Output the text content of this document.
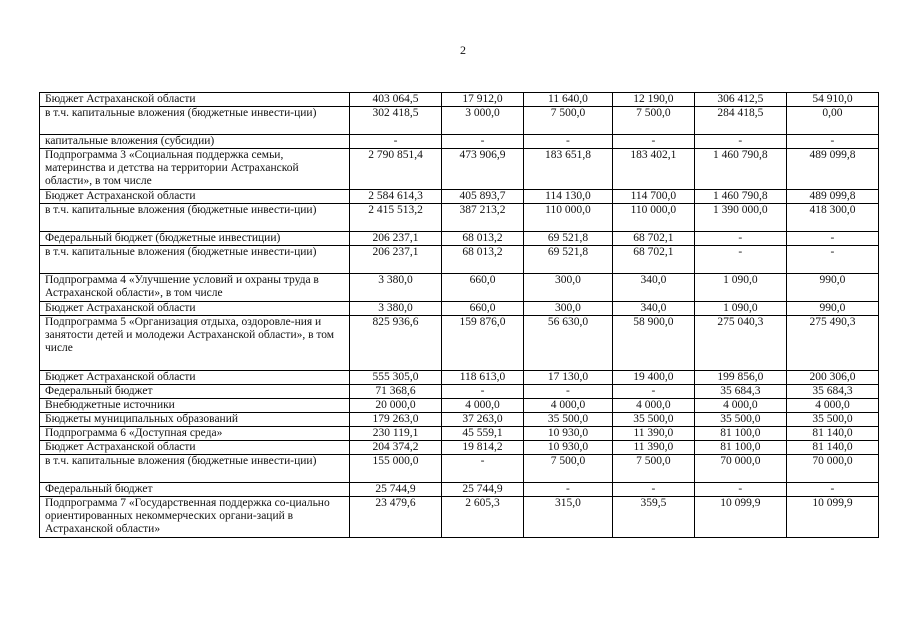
2
Бюджет Астраханской области	403 064,5	17 912,0	11 640,0	12 190,0	306 412,5	54 910,0
в т.ч. капитальные вложения (бюджетные инвести-ции)	302 418,5	3 000,0	7 500,0	7 500,0	284 418,5	0,00
капитальные вложения (субсидии)	-	-	-	-	-	-
Подпрограмма 3 «Социальная поддержка семьи, материнства и детства на территории Астраханской области», в том числе	2 790 851,4	473 906,9	183 651,8	183 402,1	1 460 790,8	489 099,8
Бюджет Астраханской области	2 584 614,3	405 893,7	114 130,0	114 700,0	1 460 790,8	489 099,8
в т.ч. капитальные вложения (бюджетные инвести-ции)	2 415 513,2	387 213,2	110 000,0	110 000,0	1 390 000,0	418 300,0
Федеральный бюджет (бюджетные инвестиции)	206 237,1	68 013,2	69 521,8	68 702,1	-	-
в т.ч. капитальные вложения (бюджетные инвести-ции)	206 237,1	68 013,2	69 521,8	68 702,1	-	-
Подпрограмма 4 «Улучшение условий и охраны труда в Астраханской области», в том числе	3 380,0	660,0	300,0	340,0	1 090,0	990,0
Бюджет Астраханской области	3 380,0	660,0	300,0	340,0	1 090,0	990,0
Подпрограмма 5 «Организация отдыха, оздоровле-ния и занятости детей и молодежи Астраханской области», в том числе	825 936,6	159 876,0	56 630,0	58 900,0	275 040,3	275 490,3
Бюджет Астраханской области	555 305,0	118 613,0	17 130,0	19 400,0	199 856,0	200 306,0
Федеральный бюджет	71 368,6	-	-	-	35 684,3	35 684,3
Внебюджетные источники	20 000,0	4 000,0	4 000,0	4 000,0	4 000,0	4 000,0
Бюджеты муниципальных образований	179 263,0	37 263,0	35 500,0	35 500,0	35 500,0	35 500,0
Подпрограмма 6 «Доступная среда»	230 119,1	45 559,1	10 930,0	11 390,0	81 100,0	81 140,0
Бюджет Астраханской области	204 374,2	19 814,2	10 930,0	11 390,0	81 100,0	81 140,0
в т.ч. капитальные вложения (бюджетные инвести-ции)	155 000,0	-	7 500,0	7 500,0	70 000,0	70 000,0
Федеральный бюджет	25 744,9	25 744,9	-	-	-	-
Подпрограмма 7 «Государственная поддержка со-циально ориентированных некоммерческих органи-заций в Астраханской области»	23 479,6	2 605,3	315,0	359,5	10 099,9	10 099,9
